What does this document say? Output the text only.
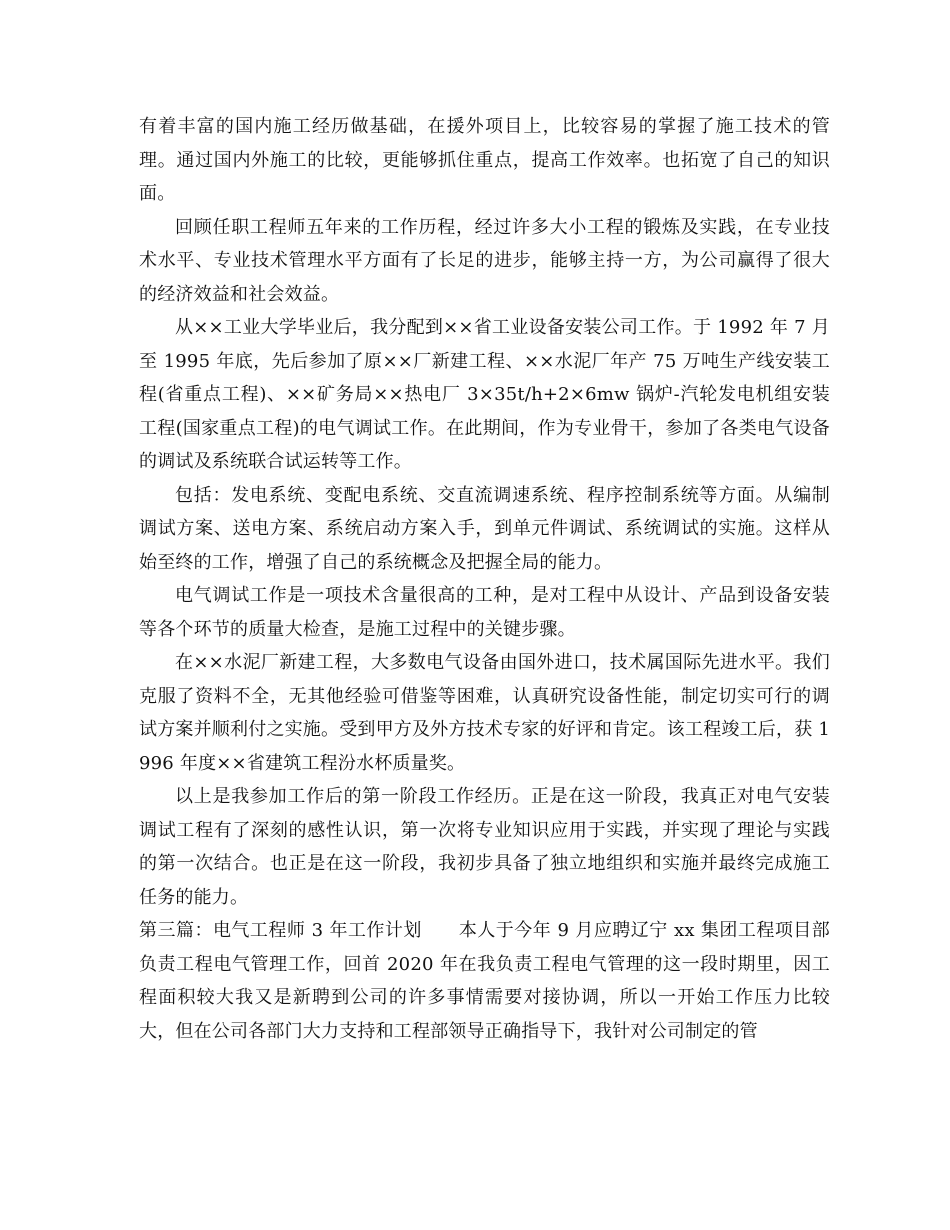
有着丰富的国内施工经历做基础，在援外项目上，比较容易的掌握了施工技术的管理。通过国内外施工的比较，更能够抓住重点，提高工作效率。也拓宽了自己的知识面。

回顾任职工程师五年来的工作历程，经过许多大小工程的锻炼及实践，在专业技术水平、专业技术管理水平方面有了长足的进步，能够主持一方，为公司赢得了很大的经济效益和社会效益。

从××工业大学毕业后，我分配到××省工业设备安装公司工作。于 1992 年 7 月至 1995 年底，先后参加了原××厂新建工程、××水泥厂年产 75 万吨生产线安装工程(省重点工程)、××矿务局××热电厂 3×35t/h+2×6mw 锅炉-汽轮发电机组安装工程(国家重点工程)的电气调试工作。在此期间，作为专业骨干，参加了各类电气设备的调试及系统联合试运转等工作。

包括：发电系统、变配电系统、交直流调速系统、程序控制系统等方面。从编制调试方案、送电方案、系统启动方案入手，到单元件调试、系统调试的实施。这样从始至终的工作，增强了自己的系统概念及把握全局的能力。

电气调试工作是一项技术含量很高的工种，是对工程中从设计、产品到设备安装等各个环节的质量大检查，是施工过程中的关键步骤。

在××水泥厂新建工程，大多数电气设备由国外进口，技术属国际先进水平。我们克服了资料不全，无其他经验可借鉴等困难，认真研究设备性能，制定切实可行的调试方案并顺利付之实施。受到甲方及外方技术专家的好评和肯定。该工程竣工后，获 1996 年度××省建筑工程汾水杯质量奖。

以上是我参加工作后的第一阶段工作经历。正是在这一阶段，我真正对电气安装调试工程有了深刻的感性认识，第一次将专业知识应用于实践，并实现了理论与实践的第一次结合。也正是在这一阶段，我初步具备了独立地组织和实施并最终完成施工任务的能力。

第三篇：电气工程师 3 年工作计划　　本人于今年 9 月应聘辽宁 xx 集团工程项目部负责工程电气管理工作，回首 2020 年在我负责工程电气管理的这一段时期里，因工程面积较大我又是新聘到公司的许多事情需要对接协调，所以一开始工作压力比较大，但在公司各部门大力支持和工程部领导正确指导下，我针对公司制定的管
